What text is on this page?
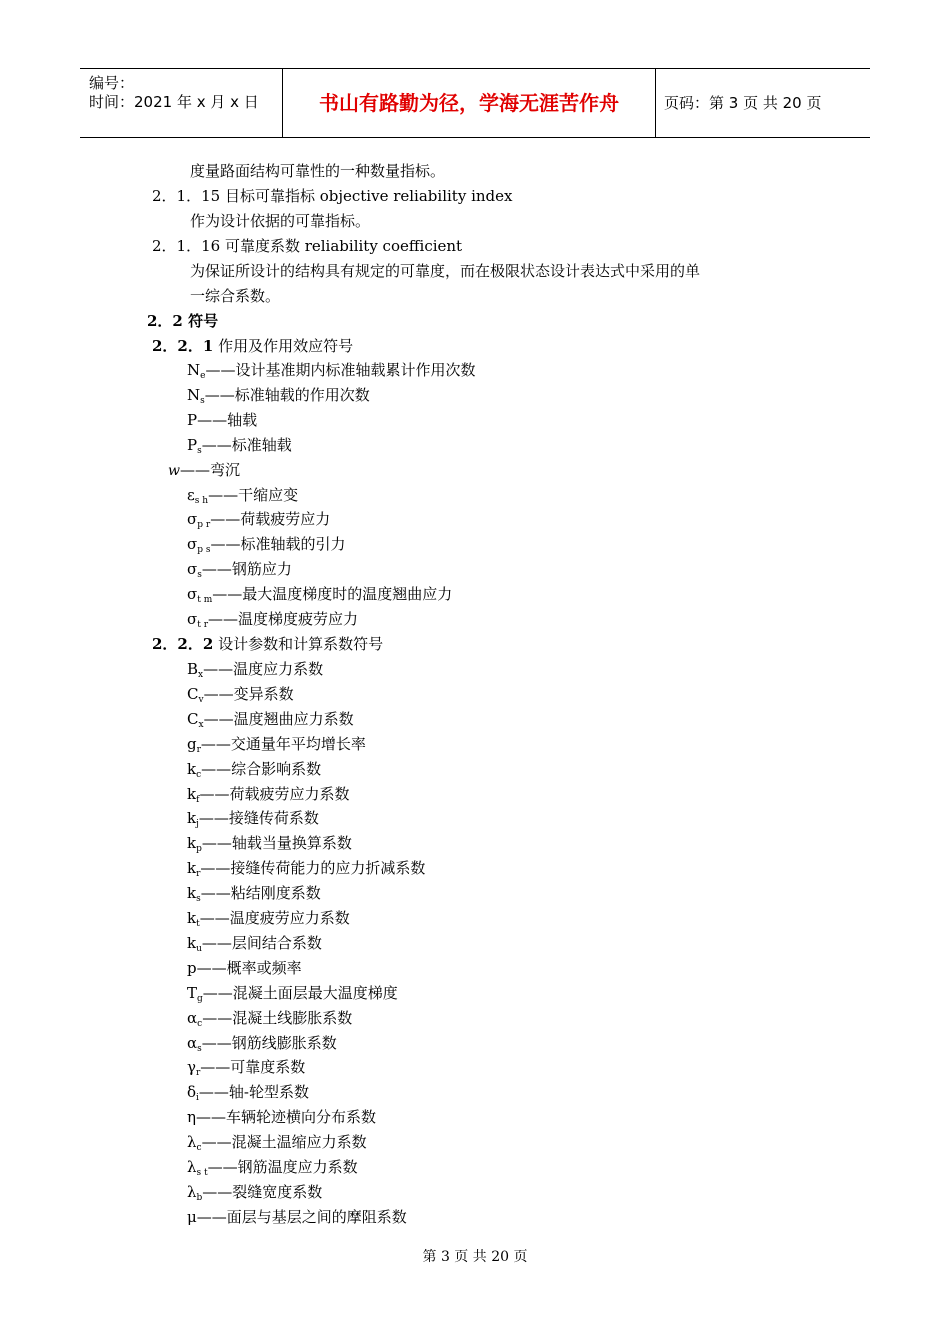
编号：
时间：2021 年 x 月 x 日	书山有路勤为径，学海无涯苦作舟	页码：第 3 页 共 20 页
度量路面结构可靠性的一种数量指标。
2．1．15 目标可靠指标 objective reliability index
作为设计依据的可靠指标。
2．1．16 可靠度系数 reliability coefficient
为保证所设计的结构具有规定的可靠度，而在极限状态设计表达式中采用的单
一综合系数。
2．2 符号
2．2．1 作用及作用效应符号
$N_e——$设计基准期内标准轴载累计作用次数
$N_s——$标准轴载的作用次数
P——轴载
$P_s——$标准轴载
w——弯沉
$\varepsilon_{s h}——$干缩应变
$\sigma_{p r}——$荷载疲劳应力
$\sigma_{p s}——$标准轴载的引力
$\sigma_s——$钢筋应力
$\sigma_{t m}——$最大温度梯度时的温度翘曲应力
$\sigma_{t r}——$温度梯度疲劳应力
2．2．2 设计参数和计算系数符号
$B_x——$温度应力系数
$C_v——$变异系数
$C_x——$温度翘曲应力系数
$g_r——$交通量年平均增长率
$k_c——$综合影响系数
$k_f——$荷载疲劳应力系数
$k_j——$接缝传荷系数
$k_p——$轴载当量换算系数
$k_r——$接缝传荷能力的应力折减系数
$k_s——$粘结刚度系数
$k_t——$温度疲劳应力系数
$k_u——$层间结合系数
p——概率或频率
$T_g——$混凝土面层最大温度梯度
$\alpha_c——$混凝土线膨胀系数
$\alpha_s——$钢筋线膨胀系数
$\gamma_r——$可靠度系数
$\delta_i——$轴-轮型系数
η——车辆轮迹横向分布系数
$\lambda_c——$混凝土温缩应力系数
$\lambda_{s t}——$钢筋温度应力系数
$\lambda_b——$裂缝宽度系数
μ——面层与基层之间的摩阻系数
第 3 页 共 20 页
